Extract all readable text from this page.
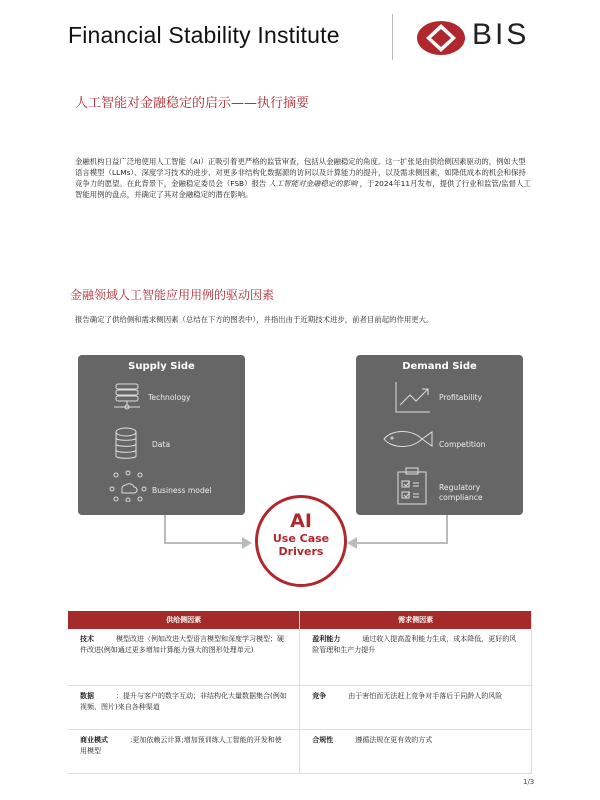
Financial Stability Institute	BIS
人工智能对金融稳定的启示——执行摘要
金融机构日益广泛地使用人工智能（AI）正吸引着更严格的监管审查，包括从金融稳定的角度。这一扩张是由供给侧因素驱动的，例如大型语言模型（LLMs）、深度学习技术的进步、对更多非结构化数据源的访问以及计算能力的提升，以及需求侧因素，如降低成本的机会和保持竞争力的愿望。在此背景下，金融稳定委员会（FSB）报告 人工智能对金融稳定的影响 ，于2024年11月发布，提供了行业和监管/监督人工智能用例的盘点，并确定了其对金融稳定的潜在影响。
金融领域人工智能应用用例的驱动因素
报告确定了供给侧和需求侧因素（总结在下方的图表中），并指出由于近期技术进步，前者目前起的作用更大。
Supply Side
Technology
Data
Business model
Demand Side
Profitability
Competition
Regulatory compliance
AI
Use Case
Drivers
供给侧因素	需求侧因素
技术 模型改进（例如改进大型语言模型和深度学习模型；硬件改进(例如通过更多增加计算能力强大的图形处理单元)	盈利能力 通过收入提高盈利能力生成，成本降低，更好的风险管理和生产力提升
数据 ：提升与客户的数字互动；非结构化大量数据集合(例如视频、图片)来自各种渠道	竞争 由于害怕而无法赶上竞争对手落后于同龄人的风险
商业模式 :更加依赖云计算;增加预训练人工智能的开发和使用模型	合规性 遵循法规在更有效的方式
1/3
